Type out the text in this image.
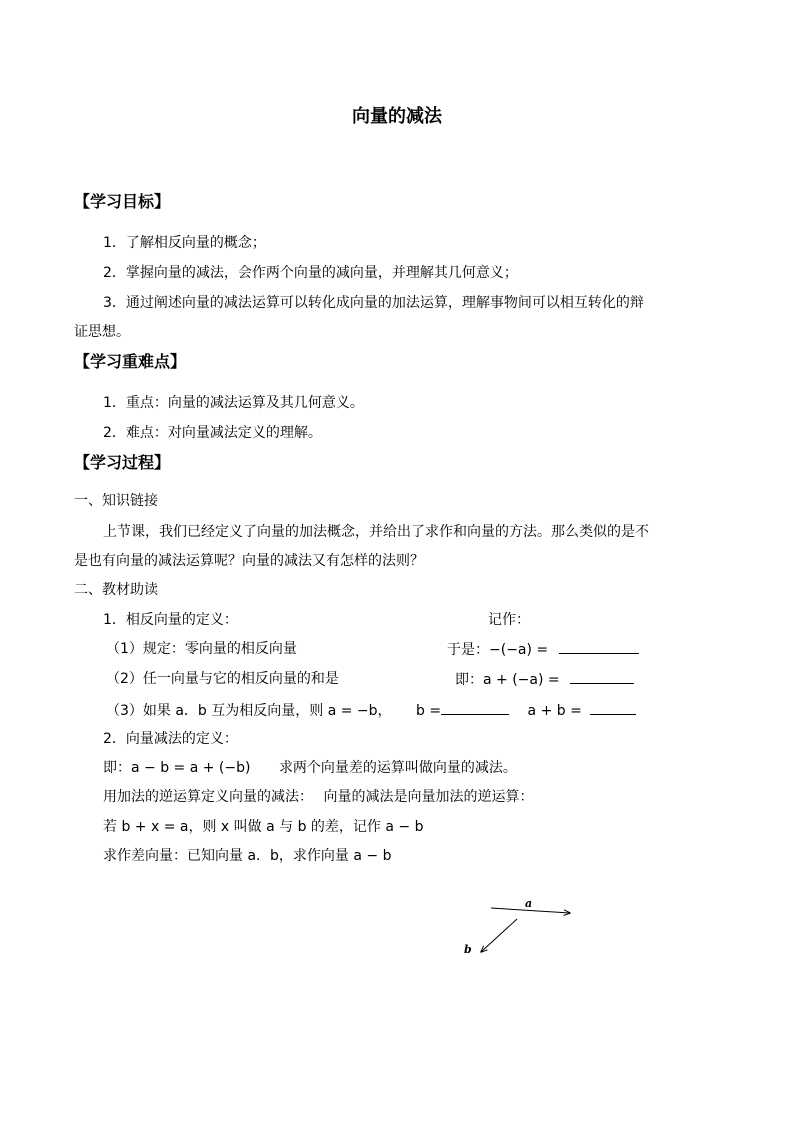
向量的减法
【学习目标】
1．了解相反向量的概念；
2．掌握向量的减法，会作两个向量的减向量，并理解其几何意义；
3．通过阐述向量的减法运算可以转化成向量的加法运算，理解事物间可以相互转化的辩
证思想。
【学习重难点】
1．重点：向量的减法运算及其几何意义。
2．难点：对向量减法定义的理解。
【学习过程】
一、知识链接
上节课，我们已经定义了向量的加法概念，并给出了求作和向量的方法。那么类似的是不
是也有向量的减法运算呢？向量的减法又有怎样的法则？
二、教材助读
1．相反向量的定义：	记作：
（1）规定：零向量的相反向量	于是：−(−a) =
（2）任一向量与它的相反向量的和是	即：a + (−a) =
（3）如果 a．b 互为相反向量，则 a = −b， b =	a + b =
2．向量减法的定义：
即：a − b = a + (−b) 求两个向量差的运算叫做向量的减法。
用加法的逆运算定义向量的减法： 向量的减法是向量加法的逆运算：
若 b + x = a，则 x 叫做 a 与 b 的差，记作 a − b
求作差向量：已知向量 a．b，求作向量 a − b
a
b
